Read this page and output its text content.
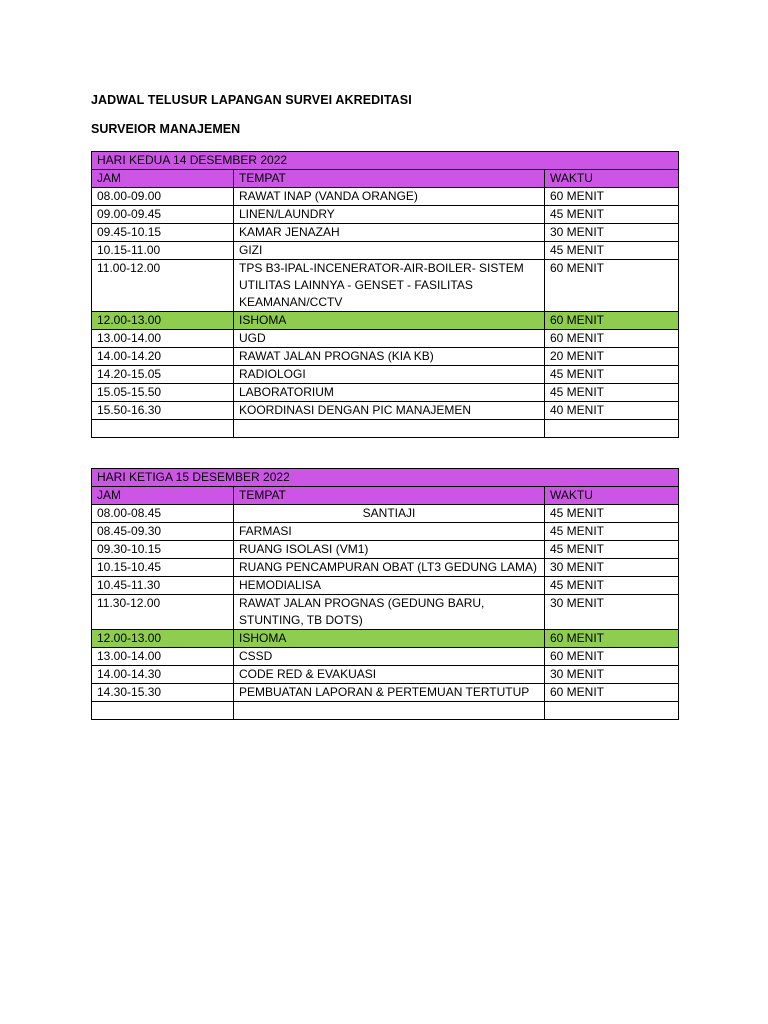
JADWAL TELUSUR LAPANGAN SURVEI AKREDITASI
SURVEIOR MANAJEMEN
HARI KEDUA 14 DESEMBER 2022		
JAM	TEMPAT	WAKTU
08.00-09.00	RAWAT INAP (VANDA ORANGE)	60 MENIT
09.00-09.45	LINEN/LAUNDRY	45 MENIT
09.45-10.15	KAMAR JENAZAH	30 MENIT
10.15-11.00	GIZI	45 MENIT
11.00-12.00	TPS B3-IPAL-INCENERATOR-AIR-BOILER- SISTEM UTILITAS LAINNYA - GENSET - FASILITAS KEAMANAN/CCTV	60 MENIT
12.00-13.00	ISHOMA	60 MENIT
13.00-14.00	UGD	60 MENIT
14.00-14.20	RAWAT JALAN PROGNAS (KIA KB)	20 MENIT
14.20-15.05	RADIOLOGI	45 MENIT
15.05-15.50	LABORATORIUM	45 MENIT
15.50-16.30	KOORDINASI DENGAN PIC MANAJEMEN	40 MENIT

HARI KETIGA 15 DESEMBER 2022		
JAM	TEMPAT	WAKTU
08.00-08.45	SANTIAJI	45 MENIT
08.45-09.30	FARMASI	45 MENIT
09.30-10.15	RUANG ISOLASI (VM1)	45 MENIT
10.15-10.45	RUANG PENCAMPURAN OBAT (LT3 GEDUNG LAMA)	30 MENIT
10.45-11.30	HEMODIALISA	45 MENIT
11.30-12.00	RAWAT JALAN PROGNAS (GEDUNG BARU, STUNTING, TB DOTS)	30 MENIT
12.00-13.00	ISHOMA	60 MENIT
13.00-14.00	CSSD	60 MENIT
14.00-14.30	CODE RED & EVAKUASI	30 MENIT
14.30-15.30	PEMBUATAN LAPORAN & PERTEMUAN TERTUTUP	60 MENIT
